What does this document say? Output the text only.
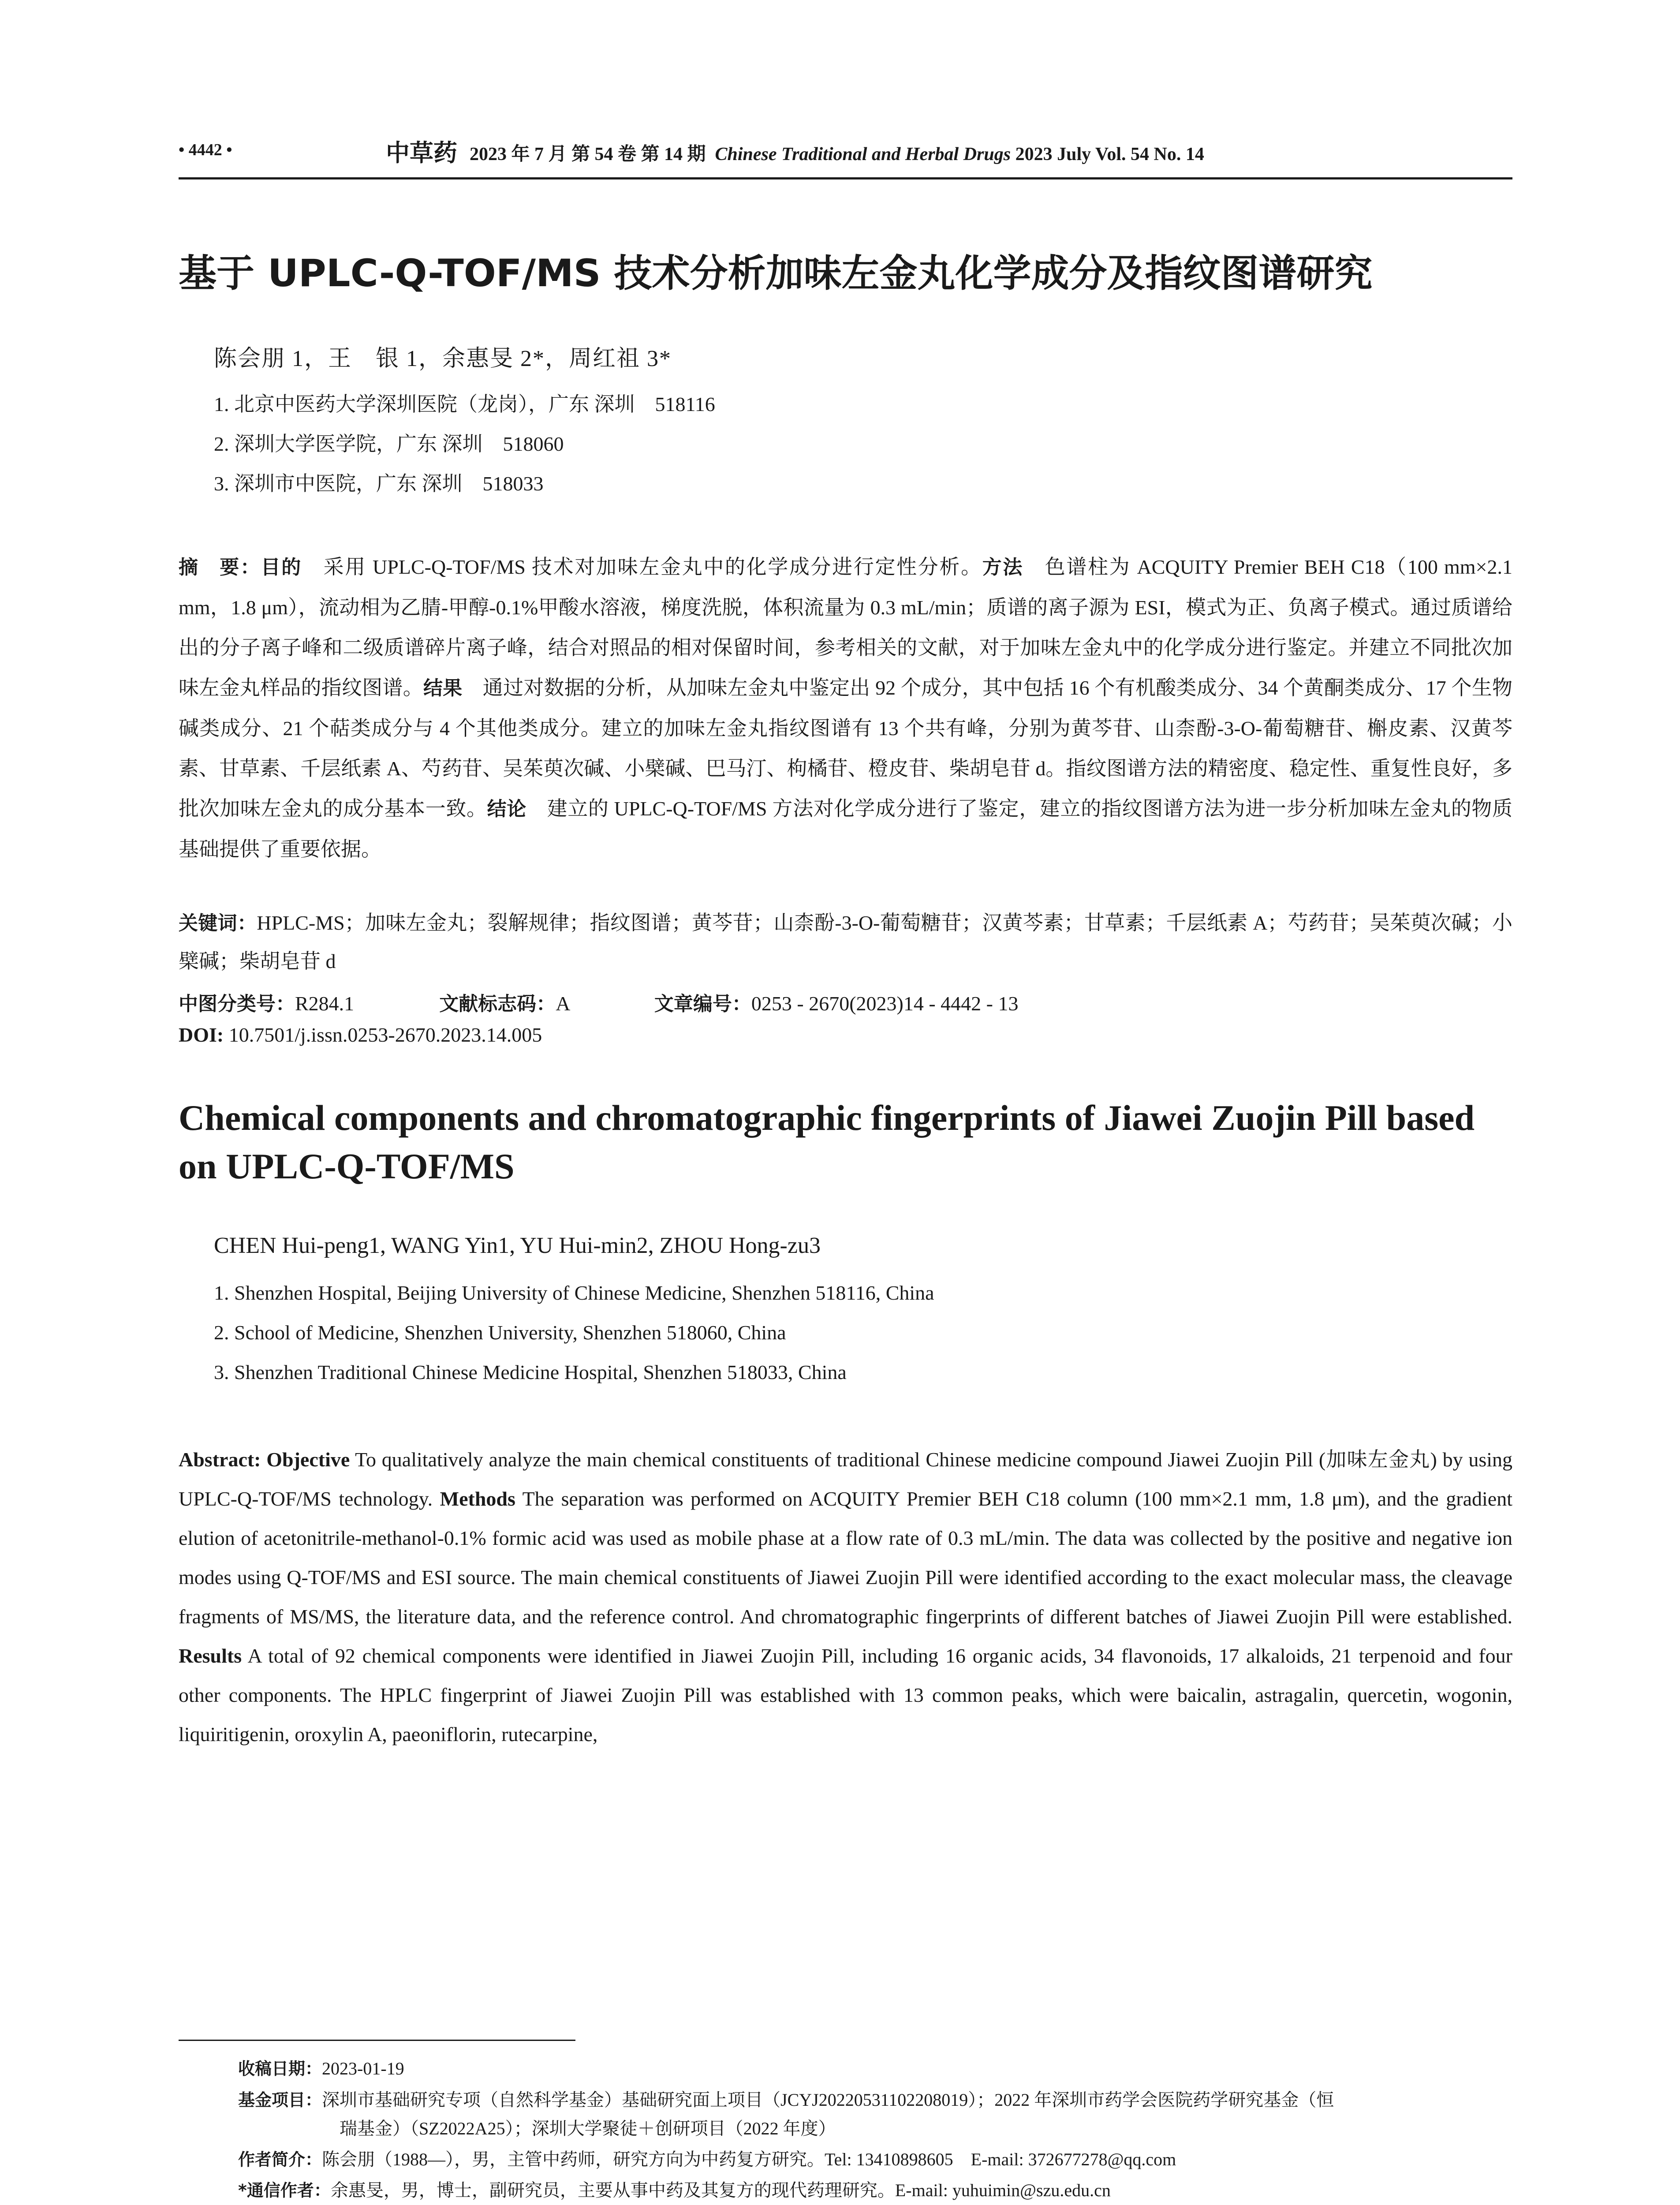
• 4442 •	中草药 2023 年 7 月 第 54 卷 第 14 期 Chinese Traditional and Herbal Drugs 2023 July Vol. 54 No. 14
基于 UPLC-Q-TOF/MS 技术分析加味左金丸化学成分及指纹图谱研究
陈会朋 1，王　银 1，余惠旻 2*，周红祖 3*
1. 北京中医药大学深圳医院（龙岗），广东 深圳　518116
2. 深圳大学医学院，广东 深圳　518060
3. 深圳市中医院，广东 深圳　518033
摘　要：目的　采用 UPLC-Q-TOF/MS 技术对加味左金丸中的化学成分进行定性分析。方法　色谱柱为 ACQUITY Premier BEH C18（100 mm×2.1 mm，1.8 μm），流动相为乙腈-甲醇-0.1%甲酸水溶液，梯度洗脱，体积流量为 0.3 mL/min；质谱的离子源为 ESI，模式为正、负离子模式。通过质谱给出的分子离子峰和二级质谱碎片离子峰，结合对照品的相对保留时间，参考相关的文献，对于加味左金丸中的化学成分进行鉴定。并建立不同批次加味左金丸样品的指纹图谱。结果　通过对数据的分析，从加味左金丸中鉴定出 92 个成分，其中包括 16 个有机酸类成分、34 个黄酮类成分、17 个生物碱类成分、21 个萜类成分与 4 个其他类成分。建立的加味左金丸指纹图谱有 13 个共有峰，分别为黄芩苷、山柰酚-3-O-葡萄糖苷、槲皮素、汉黄芩素、甘草素、千层纸素 A、芍药苷、吴茱萸次碱、小檗碱、巴马汀、枸橘苷、橙皮苷、柴胡皂苷 d。指纹图谱方法的精密度、稳定性、重复性良好，多批次加味左金丸的成分基本一致。结论　建立的 UPLC-Q-TOF/MS 方法对化学成分进行了鉴定，建立的指纹图谱方法为进一步分析加味左金丸的物质基础提供了重要依据。
关键词：HPLC-MS；加味左金丸；裂解规律；指纹图谱；黄芩苷；山柰酚-3-O-葡萄糖苷；汉黄芩素；甘草素；千层纸素 A；芍药苷；吴茱萸次碱；小檗碱；柴胡皂苷 d
中图分类号：R284.1	文献标志码：A	文章编号：0253 - 2670(2023)14 - 4442 - 13
DOI: 10.7501/j.issn.0253-2670.2023.14.005
Chemical components and chromatographic fingerprints of Jiawei Zuojin Pill based on UPLC-Q-TOF/MS
CHEN Hui-peng1, WANG Yin1, YU Hui-min2, ZHOU Hong-zu3
1. Shenzhen Hospital, Beijing University of Chinese Medicine, Shenzhen 518116, China
2. School of Medicine, Shenzhen University, Shenzhen 518060, China
3. Shenzhen Traditional Chinese Medicine Hospital, Shenzhen 518033, China
Abstract: Objective To qualitatively analyze the main chemical constituents of traditional Chinese medicine compound Jiawei Zuojin Pill (加味左金丸) by using UPLC-Q-TOF/MS technology. Methods The separation was performed on ACQUITY Premier BEH C18 column (100 mm×2.1 mm, 1.8 μm), and the gradient elution of acetonitrile-methanol-0.1% formic acid was used as mobile phase at a flow rate of 0.3 mL/min. The data was collected by the positive and negative ion modes using Q-TOF/MS and ESI source. The main chemical constituents of Jiawei Zuojin Pill were identified according to the exact molecular mass, the cleavage fragments of MS/MS, the literature data, and the reference control. And chromatographic fingerprints of different batches of Jiawei Zuojin Pill were established. Results A total of 92 chemical components were identified in Jiawei Zuojin Pill, including 16 organic acids, 34 flavonoids, 17 alkaloids, 21 terpenoid and four other components. The HPLC fingerprint of Jiawei Zuojin Pill was established with 13 common peaks, which were baicalin, astragalin, quercetin, wogonin, liquiritigenin, oroxylin A, paeoniflorin, rutecarpine,
收稿日期：2023-01-19
基金项目：深圳市基础研究专项（自然科学基金）基础研究面上项目（JCYJ20220531102208019）；2022 年深圳市药学会医院药学研究基金（恒
瑞基金）（SZ2022A25）；深圳大学聚徒＋创研项目（2022 年度）
作者简介：陈会朋（1988—），男，主管中药师，研究方向为中药复方研究。Tel: 13410898605　E-mail: 372677278@qq.com
*通信作者：余惠旻，男，博士，副研究员，主要从事中药及其复方的现代药理研究。E-mail: yuhuimin@szu.edu.cn
